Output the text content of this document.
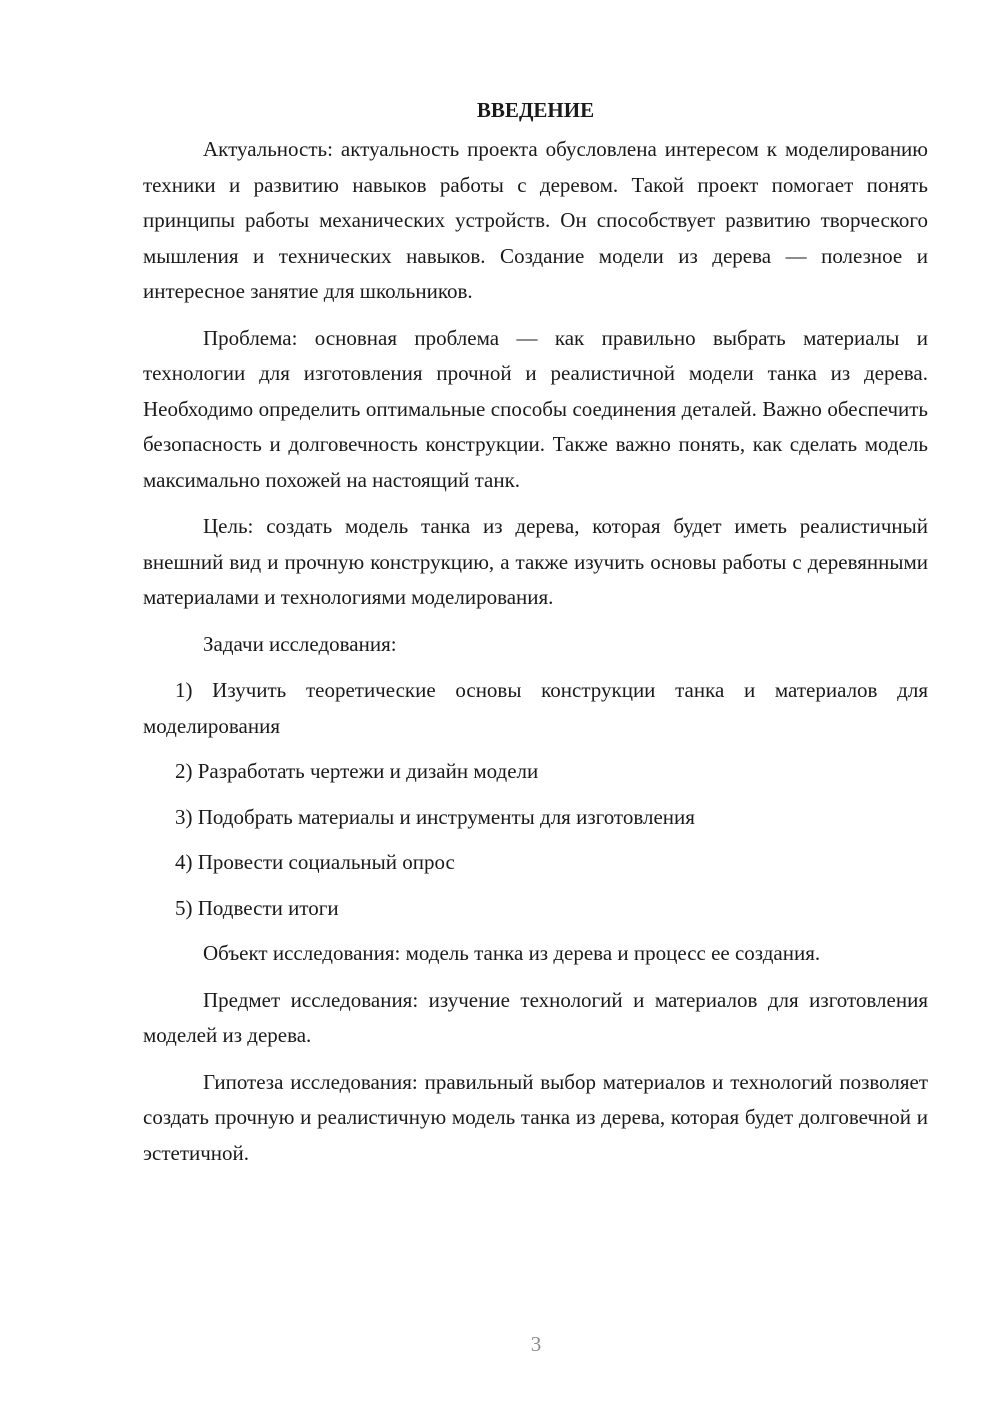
ВВЕДЕНИЕ

Актуальность: актуальность проекта обусловлена интересом к моделированию техники и развитию навыков работы с деревом. Такой проект помогает понять принципы работы механических устройств. Он способствует развитию творческого мышления и технических навыков. Создание модели из дерева — полезное и интересное занятие для школьников.

Проблема: основная проблема — как правильно выбрать материалы и технологии для изготовления прочной и реалистичной модели танка из дерева. Необходимо определить оптимальные способы соединения деталей. Важно обеспечить безопасность и долговечность конструкции. Также важно понять, как сделать модель максимально похожей на настоящий танк.

Цель: создать модель танка из дерева, которая будет иметь реалистичный внешний вид и прочную конструкцию, а также изучить основы работы с деревянными материалами и технологиями моделирования.

Задачи исследования:

1) Изучить теоретические основы конструкции танка и материалов для моделирования

2) Разработать чертежи и дизайн модели

3) Подобрать материалы и инструменты для изготовления

4) Провести социальный опрос

5) Подвести итоги

Объект исследования: модель танка из дерева и процесс ее создания.

Предмет исследования: изучение технологий и материалов для изготовления моделей из дерева.

Гипотеза исследования: правильный выбор материалов и технологий позволяет создать прочную и реалистичную модель танка из дерева, которая будет долговечной и эстетичной.

3
